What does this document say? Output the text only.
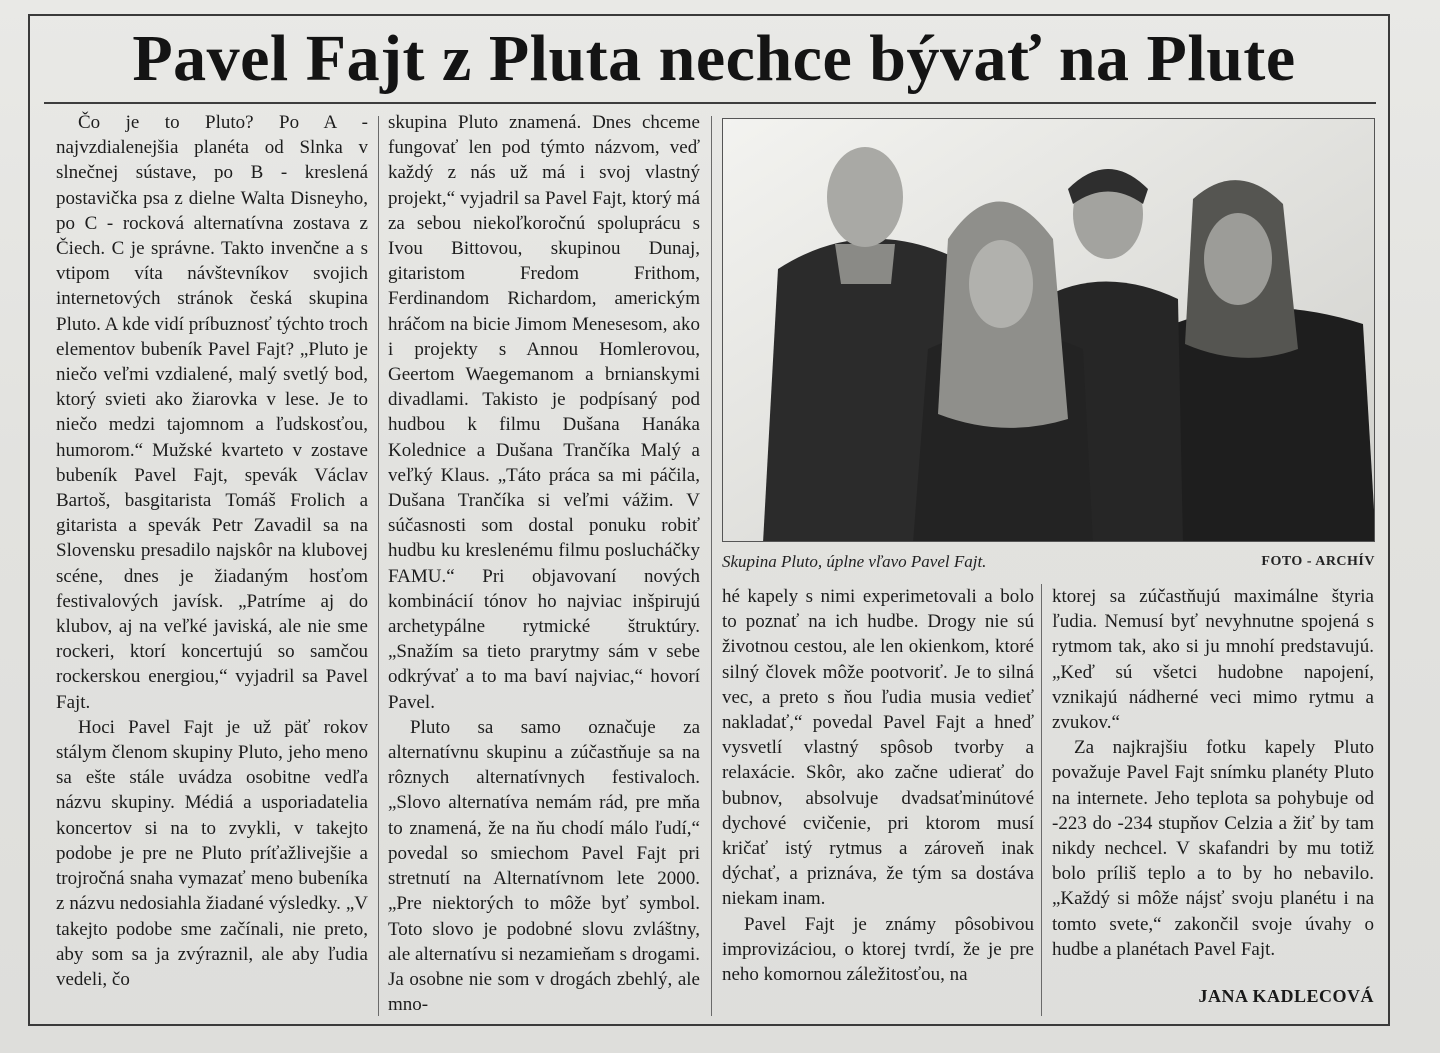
Pavel Fajt z Pluta nechce bývať na Plute

Čo je to Pluto? Po A - najvzdialenejšia planéta od Slnka v slnečnej sústave, po B - kreslená postavička psa z dielne Walta Disneyho, po C - rocková alternatívna zostava z Čiech. C je správne. Takto invenčne a s vtipom víta návštevníkov svojich internetových stránok česká skupina Pluto. A kde vidí príbuznosť týchto troch elementov bubeník Pavel Fajt? „Pluto je niečo veľmi vzdialené, malý svetlý bod, ktorý svieti ako žiarovka v lese. Je to niečo medzi tajomnom a ľudskosťou, humorom.“ Mužské kvarteto v zostave bubeník Pavel Fajt, spevák Václav Bartoš, basgitarista Tomáš Frolich a gitarista a spevák Petr Zavadil sa na Slovensku presadilo najskôr na klubovej scéne, dnes je žiadaným hosťom festivalových javísk. „Patríme aj do klubov, aj na veľké javiská, ale nie sme rockeri, ktorí koncertujú so samčou rockerskou energiou,“ vyjadril sa Pavel Fajt.

Hoci Pavel Fajt je už päť rokov stálym členom skupiny Pluto, jeho meno sa ešte stále uvádza osobitne vedľa názvu skupiny. Médiá a usporiadatelia koncertov si na to zvykli, v takejto podobe je pre ne Pluto príťažlivejšie a trojročná snaha vymazať meno bubeníka z názvu nedosiahla žiadané výsledky. „V takejto podobe sme začínali, nie preto, aby som sa ja zvýraznil, ale aby ľudia vedeli, čo

skupina Pluto znamená. Dnes chceme fungovať len pod týmto názvom, veď každý z nás už má i svoj vlastný projekt,“ vyjadril sa Pavel Fajt, ktorý má za sebou niekoľkoročnú spoluprácu s Ivou Bittovou, skupinou Dunaj, gitaristom Fredom Frithom, Ferdinandom Richardom, americkým hráčom na bicie Jimom Menesesom, ako i projekty s Annou Homlerovou, Geertom Waegemanom a brnianskymi divadlami. Takisto je podpísaný pod hudbou k filmu Dušana Hanáka Kolednice a Dušana Trančíka Malý a veľký Klaus. „Táto práca sa mi páčila, Dušana Trančíka si veľmi vážim. V súčasnosti som dostal ponuku robiť hudbu ku kreslenému filmu poslucháčky FAMU.“ Pri objavovaní nových kombinácií tónov ho najviac inšpirujú archetypálne rytmické štruktúry. „Snažím sa tieto prarytmy sám v sebe odkrývať a to ma baví najviac,“ hovorí Pavel.

Pluto sa samo označuje za alternatívnu skupinu a zúčastňuje sa na rôznych alternatívnych festivaloch. „Slovo alternatíva nemám rád, pre mňa to znamená, že na ňu chodí málo ľudí,“ povedal so smiechom Pavel Fajt pri stretnutí na Alternatívnom lete 2000. „Pre niektorých to môže byť symbol. Toto slovo je podobné slovu zvláštny, ale alternatívu si nezamieňam s drogami. Ja osobne nie som v drogách zbehlý, ale mno-

Skupina Pluto, úplne vľavo Pavel Fajt.	FOTO - ARCHÍV

hé kapely s nimi experimetovali a bolo to poznať na ich hudbe. Drogy nie sú životnou cestou, ale len okienkom, ktoré silný človek môže pootvoriť. Je to silná vec, a preto s ňou ľudia musia vedieť nakladať,“ povedal Pavel Fajt a hneď vysvetlí vlastný spôsob tvorby a relaxácie. Skôr, ako začne udierať do bubnov, absolvuje dvadsaťminútové dychové cvičenie, pri ktorom musí kričať istý rytmus a zároveň inak dýchať, a priznáva, že tým sa dostáva niekam inam.

Pavel Fajt je známy pôsobivou improvizáciou, o ktorej tvrdí, že je pre neho komornou záležitosťou, na

ktorej sa zúčastňujú maximálne štyria ľudia. Nemusí byť nevyhnutne spojená s rytmom tak, ako si ju mnohí predstavujú. „Keď sú všetci hudobne napojení, vznikajú nádherné veci mimo rytmu a zvukov.“

Za najkrajšiu fotku kapely Pluto považuje Pavel Fajt snímku planéty Pluto na internete. Jeho teplota sa pohybuje od -223 do -234 stupňov Celzia a žiť by tam nikdy nechcel. V skafandri by mu totiž bolo príliš teplo a to by ho nebavilo. „Každý si môže nájsť svoju planétu i na tomto svete,“ zakončil svoje úvahy o hudbe a planétach Pavel Fajt.

JANA KADLECOVÁ
